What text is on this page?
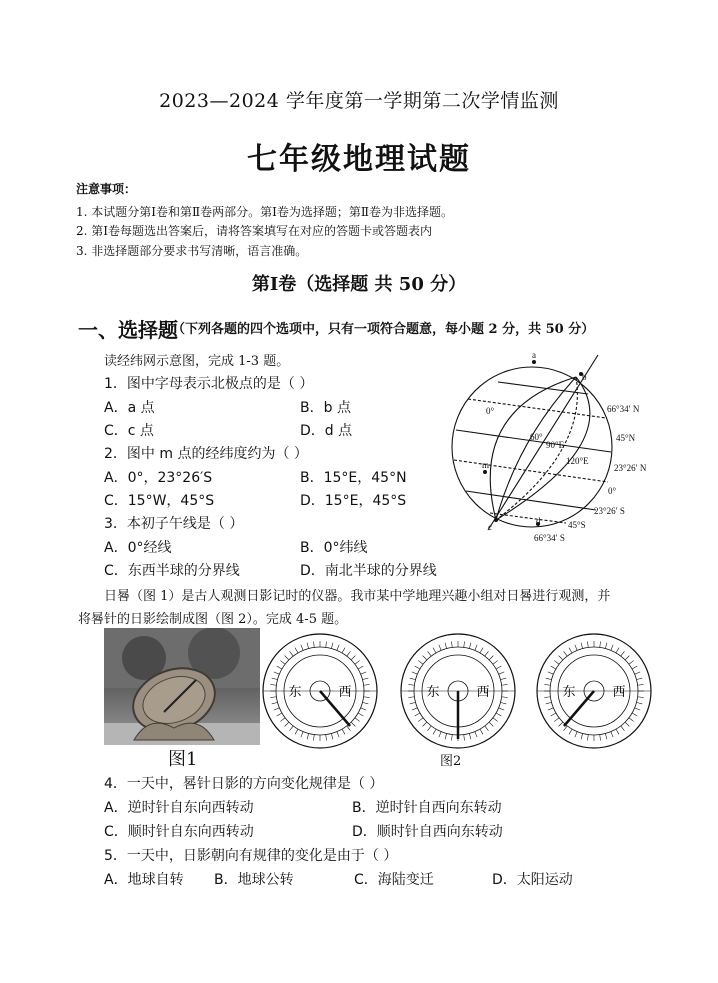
2023—2024 学年度第一学期第二次学情监测
七年级地理试题
注意事项：
1. 本试题分第Ⅰ卷和第Ⅱ卷两部分。第Ⅰ卷为选择题；第Ⅱ卷为非选择题。
2. 第Ⅰ卷每题选出答案后，请将答案填写在对应的答题卡或答题表内
3. 非选择题部分要求书写清晰，语言准确。
第Ⅰ卷（选择题 共 50 分）
一、选择题
（下列各题的四个选项中，只有一项符合题意，每小题 2 分，共 50 分）
读经纬网示意图，完成 1-3 题。
1．图中字母表示北极点的是（ ）
A．a 点	B．b 点
C．c 点	D．d 点
2．图中 m 点的经纬度约为（ ）
A．0°，23°26′S	B．15°E，45°N
C．15°W，45°S	D．15°E，45°S
3．本初子午线是（ ）
A．0°经线	B．0°纬线
C．东西半球的分界线	D．南北半球的分界线
a
b
c
d
m
0°
60°
90°E
120°E
66°34′ N
45°N
23°26′ N
0°
23°26′ S
45°S
66°34′ S
日晷（图 1）是古人观测日影记时的仪器。我市某中学地理兴趣小组对日晷进行观测，并
将晷针的日影绘制成图（图 2）。完成 4-5 题。
图1
东	西	东	西	东	西
图2
4．一天中，晷针日影的方向变化规律是（ ）
A．逆时针自东向西转动	B．逆时针自西向东转动
C．顺时针自东向西转动	D．顺时针自西向东转动
5．一天中，日影朝向有规律的变化是由于（ ）
A．地球自转 B．地球公转	C．海陆变迁	D．太阳运动
